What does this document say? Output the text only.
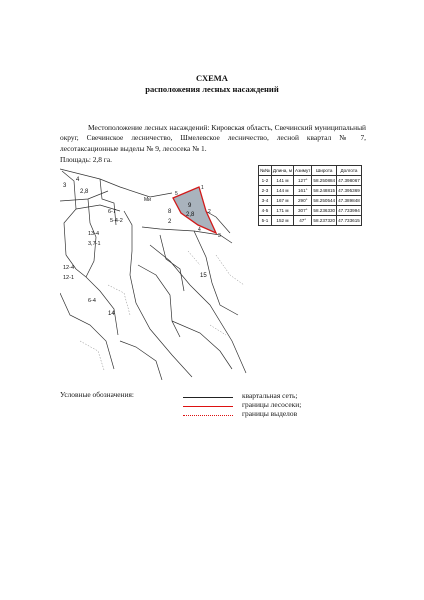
СХЕМА
расположения лесных насаждений
Местоположение лесных насаждений: Кировская область, Свечинский муниципальный округ, Свечинское лесничество, Шмелевское лесничество, лесной квартал № 7, лесотаксационные выделы № 9, лесосека № 1.
Площадь: 2,8 га.
3
4
2,8
6-7
5-4-2
13-4
3,7-1
12-4
12-1
6-4
9
2,8
8
2
14
15
Ми
1
2
3
4
5
№№	Длина, м	Азимут	Широта	Долгота
1-2	141 м	127°	58.250884	47.398067
2-3	144 м	161°	58.248815	47.395369
3-4	167 м	290°	58.250544	47.389848
4-5	171 м	307°	58.236330	47.733994
5-1	152 м	47°	58.237320	47.733615
Условные обозначения:	квартальная сеть;
границы лесосеки;
границы выделов
